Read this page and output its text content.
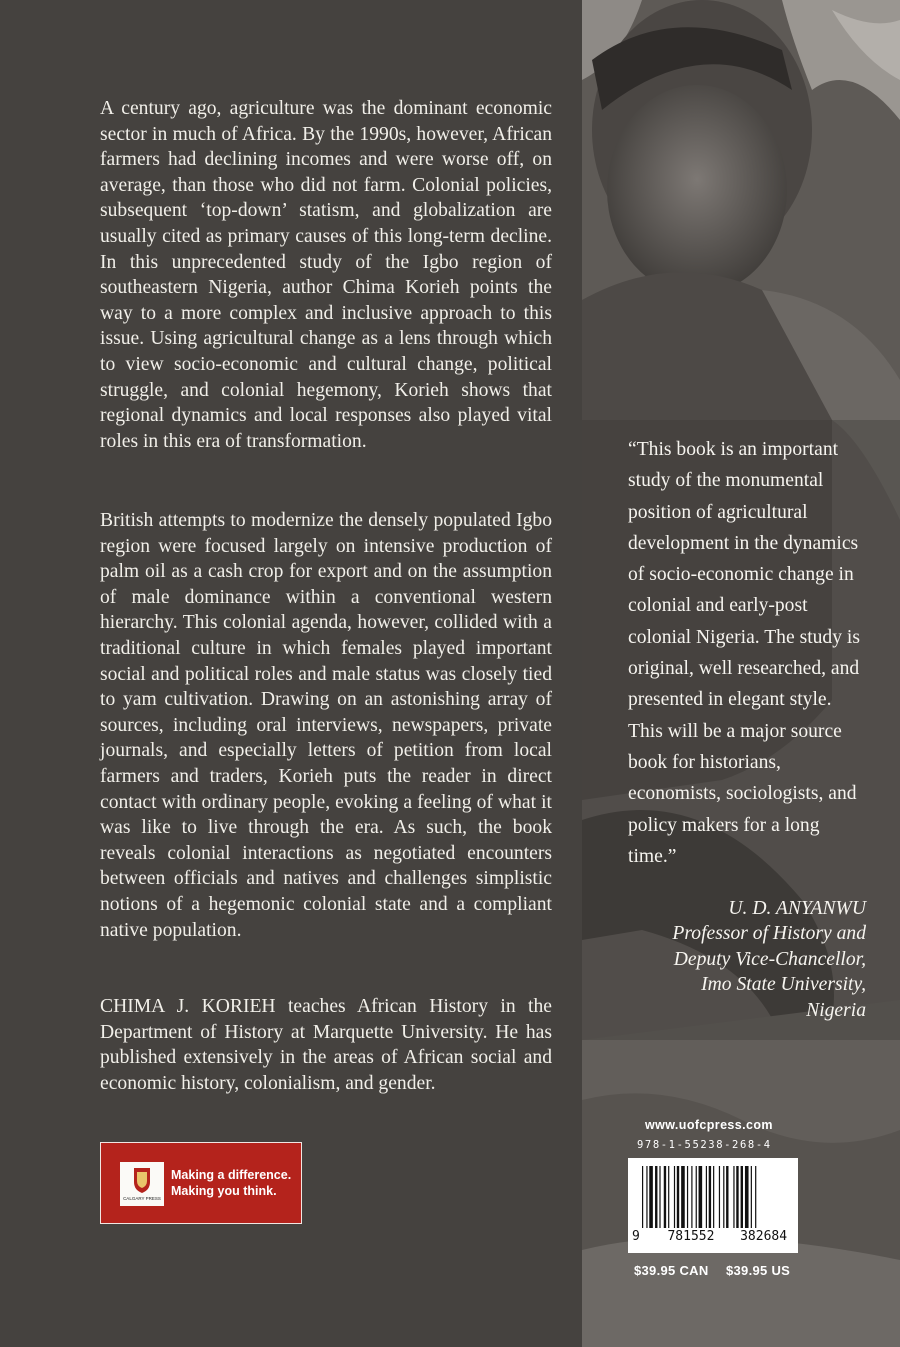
A century ago, agriculture was the dominant economic sector in much of Africa. By the 1990s, however, African farmers had declining incomes and were worse off, on average, than those who did not farm. Colonial policies, subsequent ‘top-down’ statism, and globalization are usually cited as primary causes of this long-term decline. In this unprecedented study of the Igbo region of southeastern Nigeria, author Chima Korieh points the way to a more complex and inclusive approach to this issue. Using agricultural change as a lens through which to view socio-economic and cultural change, political struggle, and colonial hegemony, Korieh shows that regional dynamics and local responses also played vital roles in this era of transformation.

British attempts to modernize the densely populated Igbo region were focused largely on intensive production of palm oil as a cash crop for export and on the assumption of male dominance within a conventional western hierarchy. This colonial agenda, however, collided with a traditional culture in which females played important social and political roles and male status was closely tied to yam cultivation. Drawing on an astonishing array of sources, including oral interviews, newspapers, private journals, and especially letters of petition from local farmers and traders, Korieh puts the reader in direct contact with ordinary people, evoking a feeling of what it was like to live through the era. As such, the book reveals colonial interactions as negotiated encounters between officials and natives and challenges simplistic notions of a hegemonic colonial state and a compliant native population.

CHIMA J. KORIEH teaches African History in the Department of History at Marquette University. He has published extensively in the areas of African social and economic history, colonialism, and gender.

CALGARY PRESS
Making a difference.
Making you think.
“This book is an important study of the monumental position of agricultural development in the dynamics of socio-economic change in colonial and early-post colonial Nigeria. The study is original, well researched, and presented in elegant style. This will be a major source book for historians, economists, sociologists, and policy makers for a long time.”
U. D. ANYANWU
Professor of History and
Deputy Vice-Chancellor,
Imo State University,
Nigeria
www.uofcpress.com
978-1-55238-268-4
9 781552 382684
$39.95 CAN $39.95 US
